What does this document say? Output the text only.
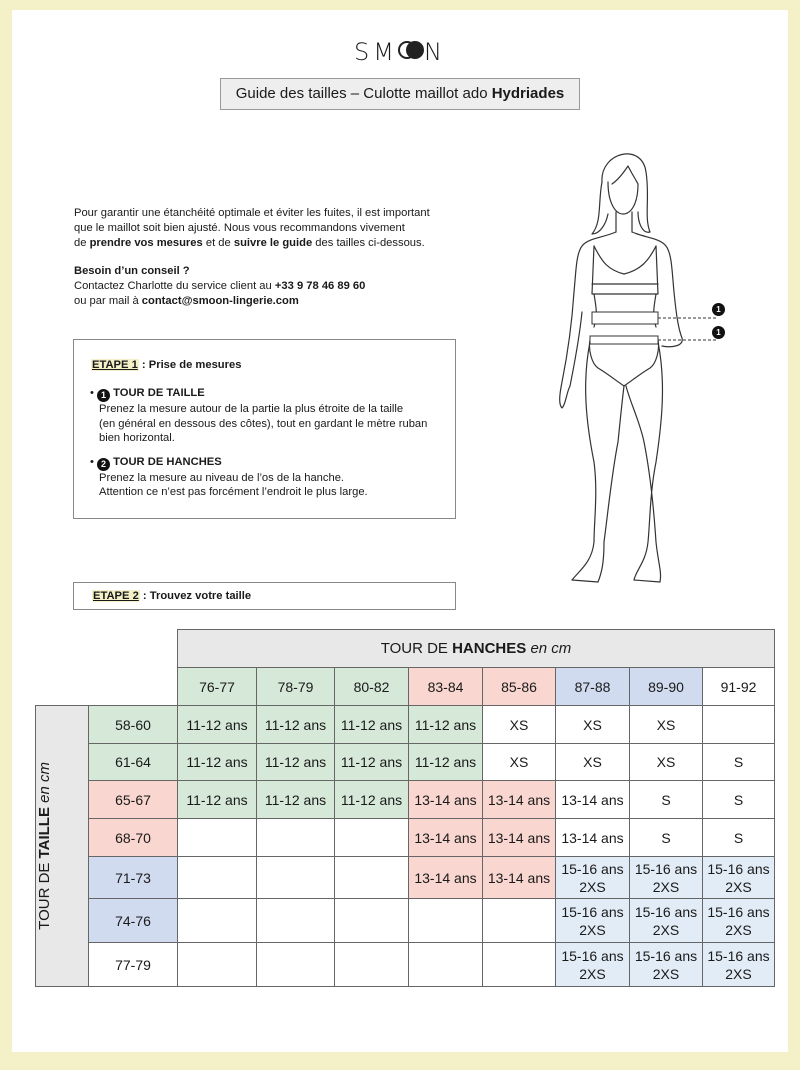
SM N
Guide des tailles – Culotte maillot ado Hydriades

Pour garantir une étanchéité optimale et éviter les fuites, il est important

que le maillot soit bien ajusté. Nous vous recommandons vivement

de prendre vos mesures et de suivre le guide des tailles ci-dessous.

Besoin d’un conseil ?
Contactez Charlotte du service client au +33 9 78 46 89 60
ou par mail à contact@smoon-lingerie.com
ETAPE 1 : Prise de mesures
• 1 TOUR DE TAILLE
Prenez la mesure autour de la partie la plus étroite de la taille
(en général en dessous des côtes), tout en gardant le mètre ruban
bien horizontal.
• 2 TOUR DE HANCHES
Prenez la mesure au niveau de l’os de la hanche.
Attention ce n’est pas forcément l’endroit le plus large.
ETAPE 2 : Trouvez votre taille
1
1
		TOUR DE HANCHES en cm							
		76-77	78-79	80-82	83-84	85-86	87-88	89-90	91-92

TOUR DE TAILLE en cm	58-60	11-12 ans	11-12 ans	11-12 ans	11-12 ans	XS	XS	XS	
	61-64	11-12 ans	11-12 ans	11-12 ans	11-12 ans	XS	XS	XS	S
	65-67	11-12 ans	11-12 ans	11-12 ans	13-14 ans	13-14 ans	13-14 ans	S	S
	68-70				13-14 ans	13-14 ans	13-14 ans	S	S
	71-73				13-14 ans	13-14 ans	15-16 ans
2XS	15-16 ans
2XS	15-16 ans
2XS
	74-76						15-16 ans
2XS	15-16 ans
2XS	15-16 ans
2XS
	77-79						15-16 ans
2XS	15-16 ans
2XS	15-16 ans
2XS
